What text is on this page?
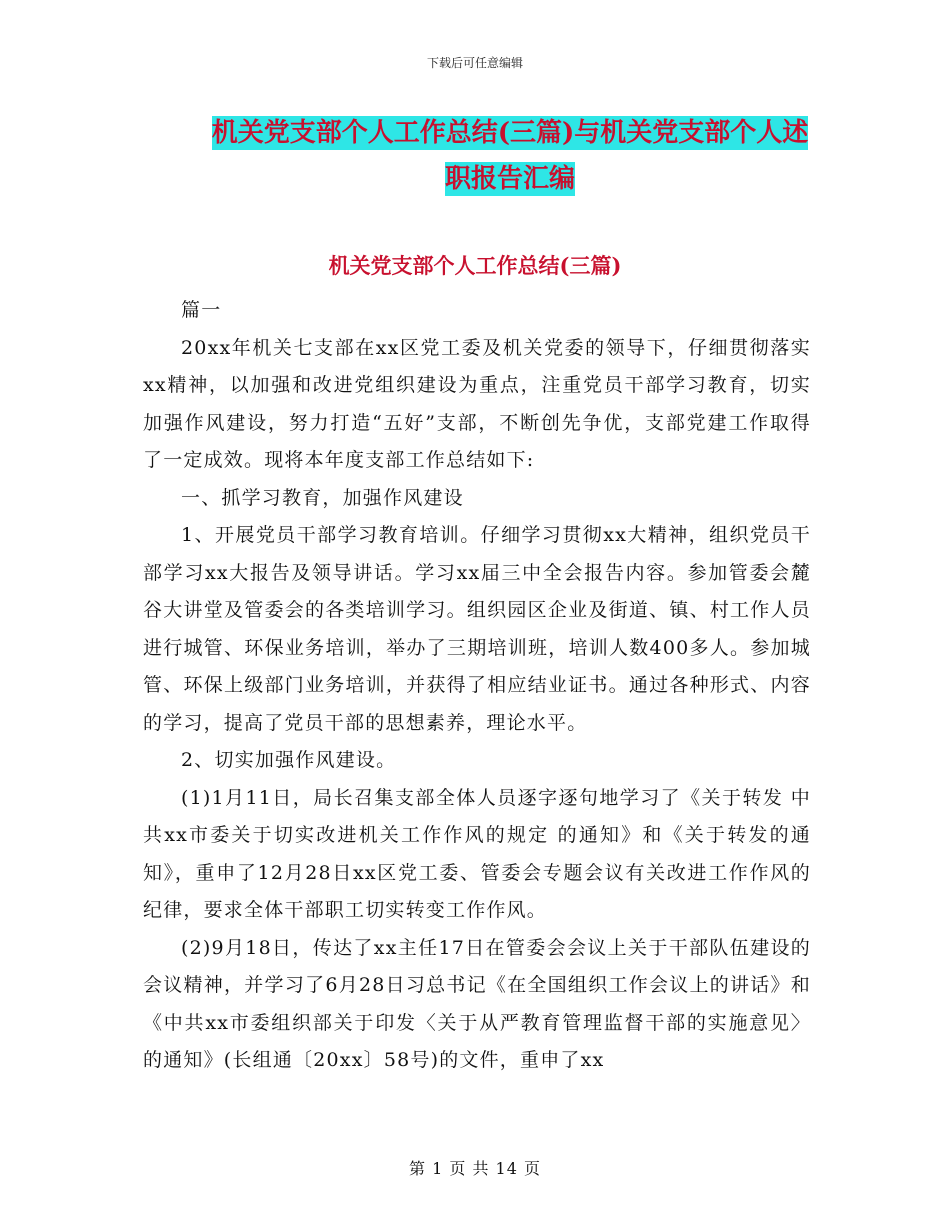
下载后可任意编辑
机关党支部个人工作总结(三篇)与机关党支部个人述
职报告汇编
机关党支部个人工作总结(三篇)

篇一

20xx年机关七支部在xx区党工委及机关党委的领导下，仔细贯彻落实xx精神，以加强和改进党组织建设为重点，注重党员干部学习教育，切实加强作风建设，努力打造“五好”支部，不断创先争优，支部党建工作取得了一定成效。现将本年度支部工作总结如下:

一、抓学习教育，加强作风建设

1、开展党员干部学习教育培训。仔细学习贯彻xx大精神，组织党员干部学习xx大报告及领导讲话。学习xx届三中全会报告内容。参加管委会麓谷大讲堂及管委会的各类培训学习。组织园区企业及街道、镇、村工作人员进行城管、环保业务培训，举办了三期培训班，培训人数400多人。参加城管、环保上级部门业务培训，并获得了相应结业证书。通过各种形式、内容的学习，提高了党员干部的思想素养，理论水平。

2、切实加强作风建设。

(1)1月11日，局长召集支部全体人员逐字逐句地学习了《关于转发 中共xx市委关于切实改进机关工作作风的规定 的通知》和《关于转发的通知》，重申了12月28日xx区党工委、管委会专题会议有关改进工作作风的纪律，要求全体干部职工切实转变工作作风。

(2)9月18日，传达了xx主任17日在管委会会议上关于干部队伍建设的会议精神，并学习了6月28日习总书记《在全国组织工作会议上的讲话》和《中共xx市委组织部关于印发〈关于从严教育管理监督干部的实施意见〉的通知》(长组通〔20xx〕58号)的文件，重申了xx

第 1 页 共 14 页
